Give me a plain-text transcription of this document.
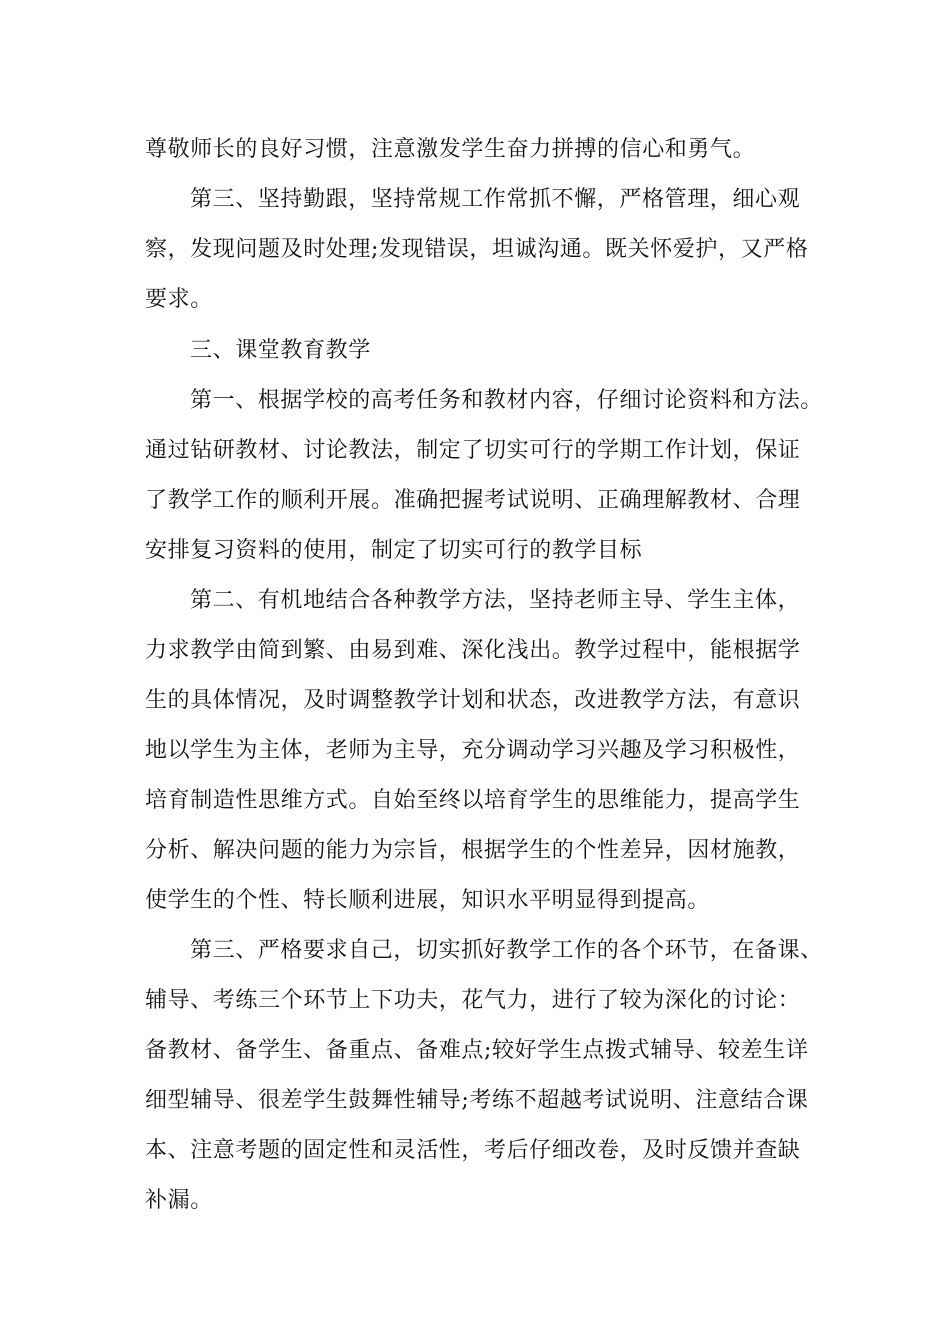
尊敬师长的良好习惯，注意激发学生奋力拼搏的信心和勇气。
第三、坚持勤跟，坚持常规工作常抓不懈，严格管理，细心观
察，发现问题及时处理;发现错误，坦诚沟通。既关怀爱护，又严格
要求。
三、课堂教育教学
第一、根据学校的高考任务和教材内容，仔细讨论资料和方法。
通过钻研教材、讨论教法，制定了切实可行的学期工作计划，保证
了教学工作的顺利开展。准确把握考试说明、正确理解教材、合理
安排复习资料的使用，制定了切实可行的教学目标
第二、有机地结合各种教学方法，坚持老师主导、学生主体，
力求教学由简到繁、由易到难、深化浅出。教学过程中，能根据学
生的具体情况，及时调整教学计划和状态，改进教学方法，有意识
地以学生为主体，老师为主导，充分调动学习兴趣及学习积极性，
培育制造性思维方式。自始至终以培育学生的思维能力，提高学生
分析、解决问题的能力为宗旨，根据学生的个性差异，因材施教，
使学生的个性、特长顺利进展，知识水平明显得到提高。
第三、严格要求自己，切实抓好教学工作的各个环节，在备课、
辅导、考练三个环节上下功夫，花气力，进行了较为深化的讨论：
备教材、备学生、备重点、备难点;较好学生点拨式辅导、较差生详
细型辅导、很差学生鼓舞性辅导;考练不超越考试说明、注意结合课
本、注意考题的固定性和灵活性，考后仔细改卷，及时反馈并查缺
补漏。
